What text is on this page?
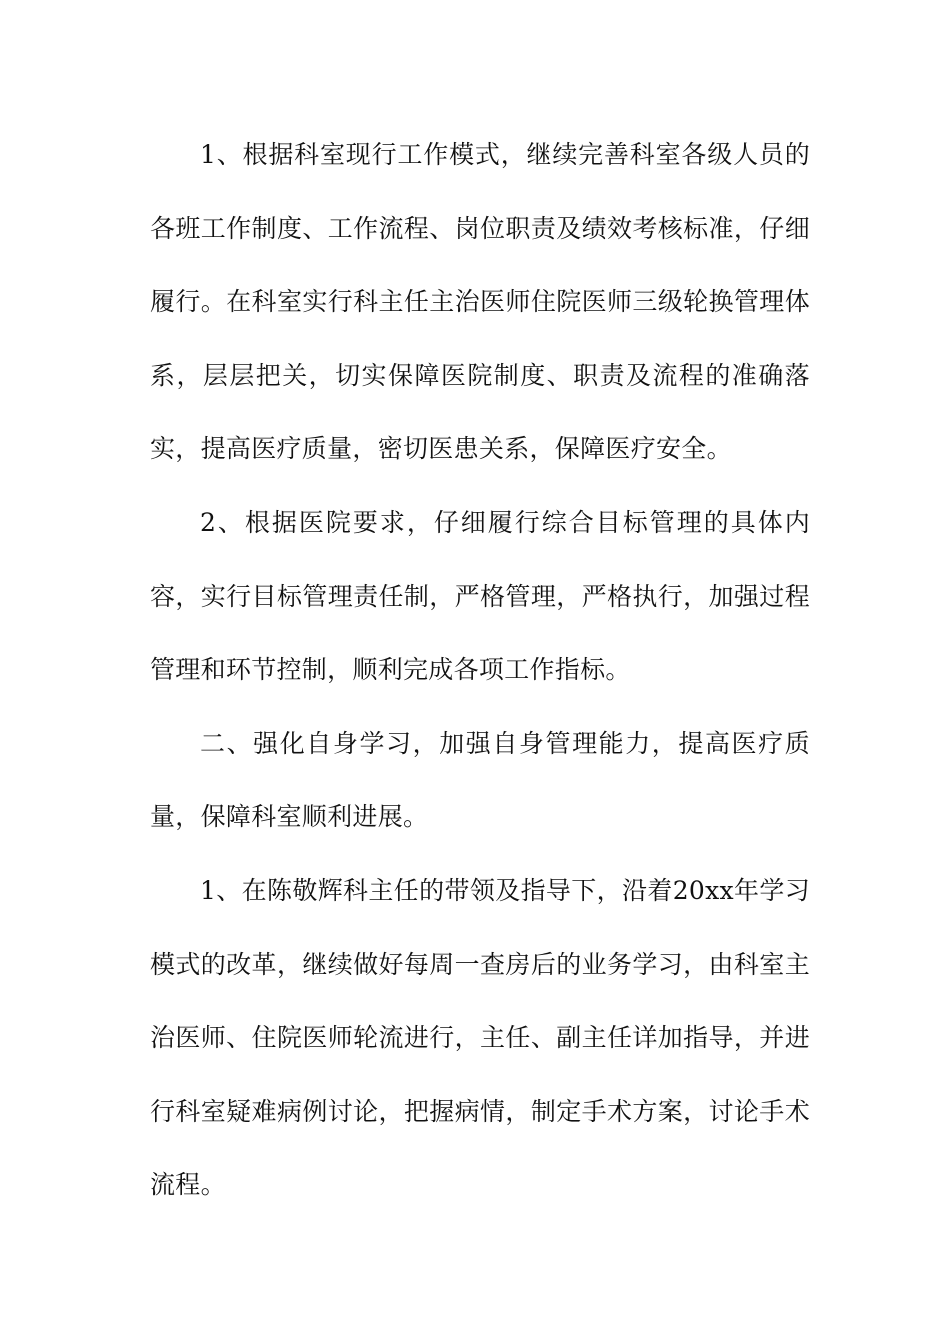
1、根据科室现行工作模式，继续完善科室各级人员的各班工作制度、工作流程、岗位职责及绩效考核标准，仔细履行。在科室实行科主任主治医师住院医师三级轮换管理体系，层层把关，切实保障医院制度、职责及流程的准确落实，提高医疗质量，密切医患关系，保障医疗安全。

2、根据医院要求，仔细履行综合目标管理的具体内容，实行目标管理责任制，严格管理，严格执行，加强过程管理和环节控制，顺利完成各项工作指标。

二、强化自身学习，加强自身管理能力，提高医疗质量，保障科室顺利进展。

1、在陈敬辉科主任的带领及指导下，沿着20xx年学习模式的改革，继续做好每周一查房后的业务学习，由科室主治医师、住院医师轮流进行，主任、副主任详加指导，并进行科室疑难病例讨论，把握病情，制定手术方案，讨论手术流程。
